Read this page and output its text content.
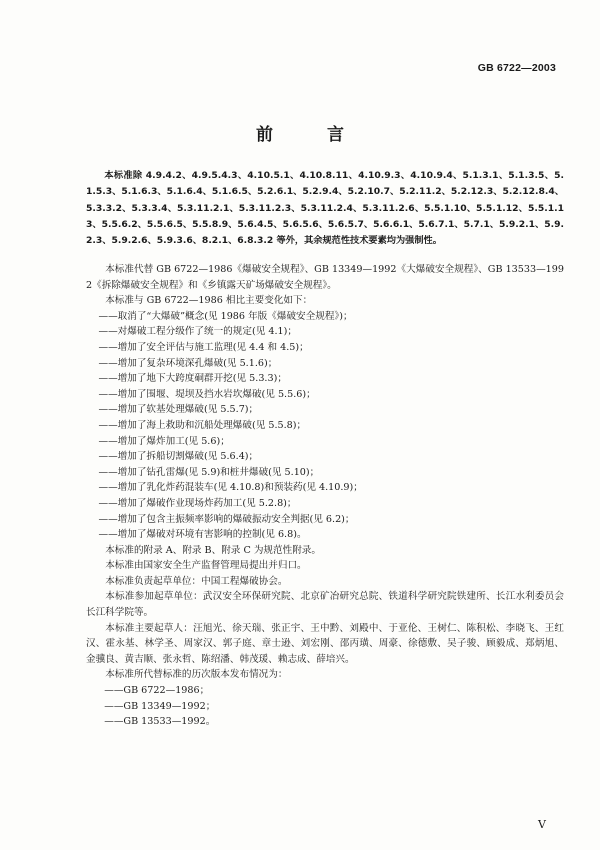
GB 6722—2003
前 言

本标准除 4.9.4.2、4.9.5.4.3、4.10.5.1、4.10.8.11、4.10.9.3、4.10.9.4、5.1.3.1、5.1.3.5、5.1.5.3、5.1.6.3、5.1.6.4、5.1.6.5、5.2.6.1、5.2.9.4、5.2.10.7、5.2.11.2、5.2.12.3、5.2.12.8.4、5.3.3.2、5.3.3.4、5.3.11.2.1、5.3.11.2.3、5.3.11.2.4、5.3.11.2.6、5.5.1.10、5.5.1.12、5.5.1.13、5.5.6.2、5.5.6.5、5.5.8.9、5.6.4.5、5.6.5.6、5.6.5.7、5.6.6.1、5.6.7.1、5.7.1、5.9.2.1、5.9.2.3、5.9.2.6、5.9.3.6、8.2.1、6.8.3.2 等外，其余规范性技术要素均为强制性。

本标准代替 GB 6722—1986《爆破安全规程》、GB 13349—1992《大爆破安全规程》、GB 13533—1992《拆除爆破安全规程》和《乡镇露天矿场爆破安全规程》。

本标准与 GB 6722—1986 相比主要变化如下：

——取消了“大爆破”概念(见 1986 年版《爆破安全规程》)；

——对爆破工程分级作了统一的规定(见 4.1)；

——增加了安全评估与施工监理(见 4.4 和 4.5)；

——增加了复杂环境深孔爆破(见 5.1.6)；

——增加了地下大跨度硐群开挖(见 5.3.3)；

——增加了围堰、堤坝及挡水岩坎爆破(见 5.5.6)；

——增加了软基处理爆破(见 5.5.7)；

——增加了海上救助和沉船处理爆破(见 5.5.8)；

——增加了爆炸加工(见 5.6)；

——增加了拆船切割爆破(见 5.6.4)；

——增加了钻孔雷爆(见 5.9)和桩井爆破(见 5.10)；

——增加了乳化炸药混装车(见 4.10.8)和预装药(见 4.10.9)；

——增加了爆破作业现场炸药加工(见 5.2.8)；

——增加了包含主振频率影响的爆破振动安全判据(见 6.2)；

——增加了爆破对环境有害影响的控制(见 6.8)。

本标准的附录 A、附录 B、附录 C 为规范性附录。

本标准由国家安全生产监督管理局提出并归口。

本标准负责起草单位：中国工程爆破协会。

本标准参加起草单位：武汉安全环保研究院、北京矿冶研究总院、铁道科学研究院铁建所、长江水利委员会长江科学院等。

本标准主要起草人：汪旭光、徐天瑞、张正宇、王中黔、刘殿中、于亚伦、王树仁、陈积松、李晓飞、王红汉、霍永基、林学圣、周家汉、郭子庭、章士逊、刘宏刚、邵丙璜、周豪、徐德敷、吴子骏、顾毅成、郑炳旭、金骥良、黄吉顺、张永哲、陈绍潘、韩茂瑗、赖志成、薛培兴。

本标准所代替标准的历次版本发布情况为：

——GB 6722—1986；

——GB 13349—1992；

——GB 13533—1992。

V
